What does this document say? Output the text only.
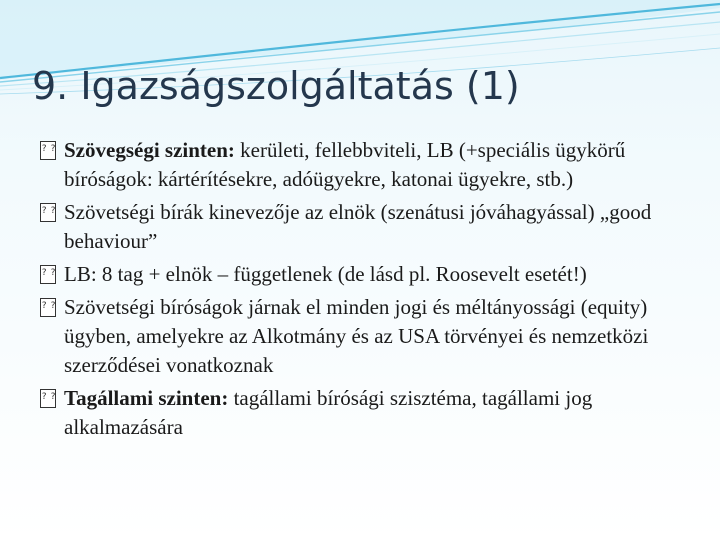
9. Igazságszolgáltatás (1)
? ?
Szövegségi szinten: kerületi, fellebbviteli, LB (+speciális ügykörű bíróságok: kártérítésekre, adóügyekre, katonai ügyekre, stb.)
? ?
Szövetségi bírák kinevezője az elnök (szenátusi jóváhagyással) „good behaviour”
? ?
LB: 8 tag + elnök – függetlenek (de lásd pl. Roosevelt esetét!)
? ?
Szövetségi bíróságok járnak el minden jogi és méltányossági (equity) ügyben, amelyekre az Alkotmány és az USA törvényei és nemzetközi szerződései vonatkoznak
? ?
Tagállami szinten: tagállami bírósági szisztéma, tagállami jog alkalmazására
